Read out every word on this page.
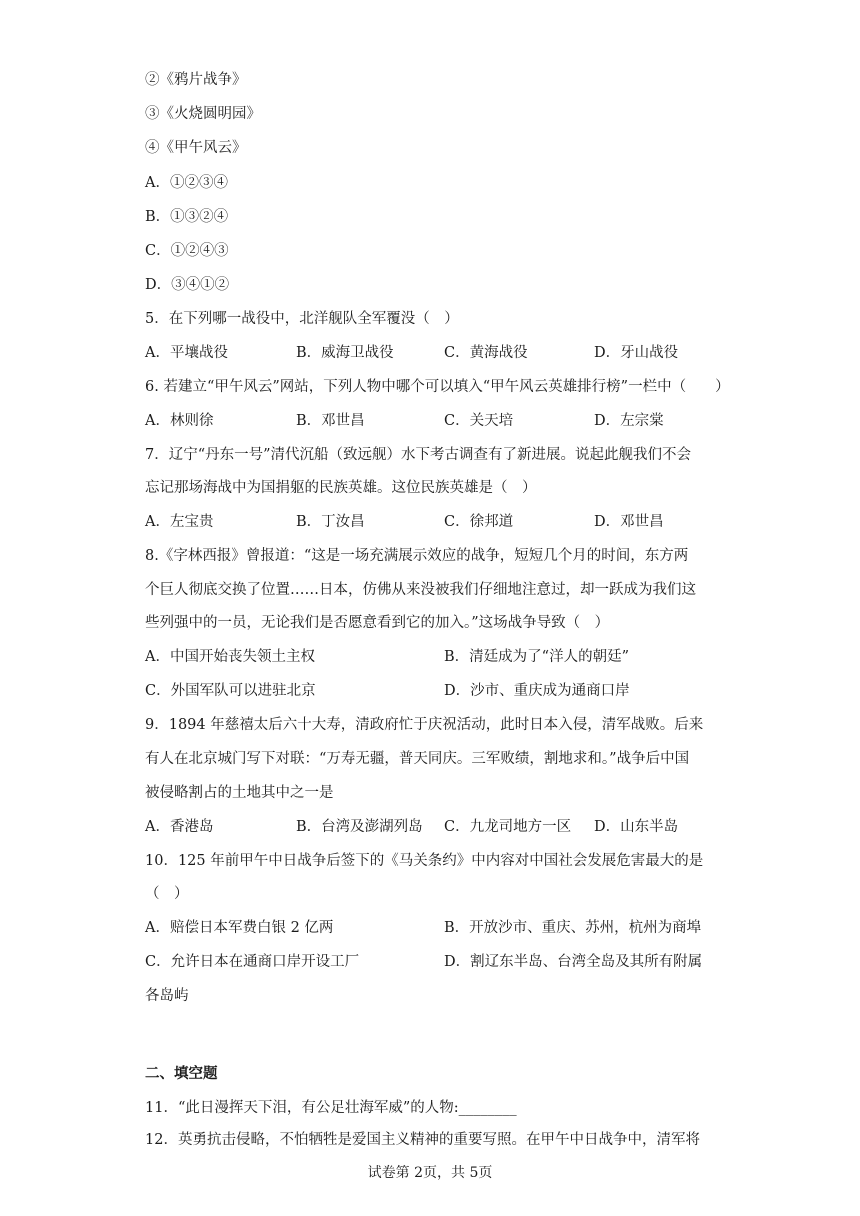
②《鸦片战争》
③《火烧圆明园》
④《甲午风云》
A．①②③④
B．①③②④
C．①②④③
D．③④①②
5．在下列哪一战役中，北洋舰队全军覆没（　）
A．平壤战役	B．威海卫战役	C．黄海战役	D．牙山战役
6. 若建立“甲午风云”网站，下列人物中哪个可以填入“甲午风云英雄排行榜”一栏中（　　）
A．林则徐	B．邓世昌	C．关天培	D．左宗棠
7．辽宁“丹东一号”清代沉船（致远舰）水下考古调查有了新进展。说起此舰我们不会
忘记那场海战中为国捐躯的民族英雄。这位民族英雄是（　）
A．左宝贵	B．丁汝昌	C．徐邦道	D．邓世昌
8.《字林西报》曾报道：“这是一场充满展示效应的战争，短短几个月的时间，东方两
个巨人彻底交换了位置……日本，仿佛从来没被我们仔细地注意过，却一跃成为我们这
些列强中的一员，无论我们是否愿意看到它的加入。”这场战争导致（　）
A．中国开始丧失领土主权	B．清廷成为了“洋人的朝廷”
C．外国军队可以进驻北京	D．沙市、重庆成为通商口岸
9．1894 年慈禧太后六十大寿，清政府忙于庆祝活动，此时日本入侵，清军战败。后来
有人在北京城门写下对联：“万寿无疆，普天同庆。三军败绩，割地求和。”战争后中国
被侵略割占的土地其中之一是
A．香港岛	B．台湾及澎湖列岛 C．九龙司地方一区 D．山东半岛
10．125 年前甲午中日战争后签下的《马关条约》中内容对中国社会发展危害最大的是
（　）
A．赔偿日本军费白银 2 亿两	B．开放沙市、重庆、苏州，杭州为商埠
C．允许日本在通商口岸开设工厂	D．割辽东半岛、台湾全岛及其所有附属
各岛屿
二、填空题
11．“此日漫挥天下泪，有公足壮海军威”的人物:________
12．英勇抗击侵略，不怕牺牲是爱国主义精神的重要写照。在甲午中日战争中，清军将
试卷第 2页，共 5页
